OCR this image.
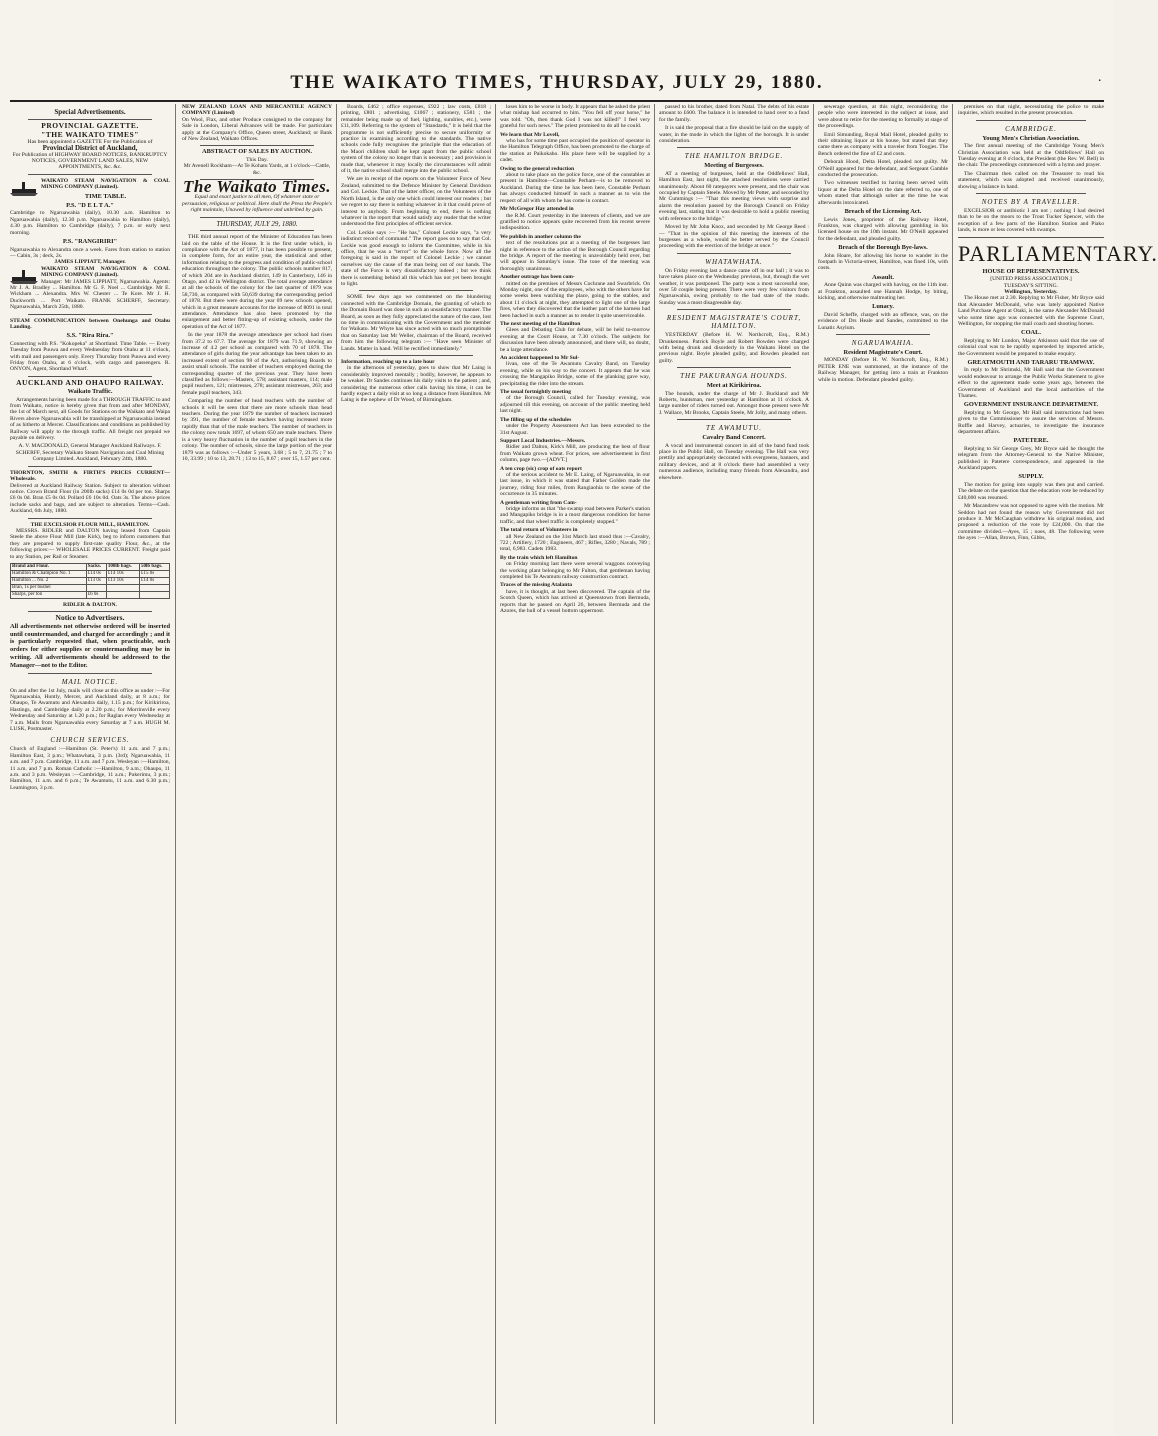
THE WAIKATO TIMES, THURSDAY, JULY 29, 1880.	·
Special Advertisements.
PROVINCIAL GAZETTE.
"THE WAIKATO TIMES"
Has been appointed a GAZETTE For the Publication of
Provincial District of Auckland,
For Publication of HIGHWAY BOARD NOTICES, BANKRUPTCY NOTICES, GOVERNMENT LAND SALES, NEW APPOINTMENTS, &c. &c.
WAIKATO STEAM NAVIGATION & COAL MINING COMPANY (Limited).
TIME TABLE.
P.S. "D E L T A."
Cambridge to Ngaruawahia (daily), 10.30 a.m. Hamilton to Ngaruawahia (daily), 12.30 p.m. Ngaruawahia to Hamilton (daily), 4.30 p.m. Hamilton to Cambridge (daily), 7 p.m. or early next morning.
P.S. "RANGIRIRI"
Ngaruawahia to Alexandra once a week. Fares from station to station — Cabin, 3s ; deck, 2s.
JAMES LIPPIATT, Manager.
WAIKATO STEAM NAVIGATION & COAL MINING COMPANY (Limited).
Manager: Mr JAMES LIPPIATT, Ngaruawahia. Agents: Mr J. A. Bradley ... Hamilton. Mr G. F. Noel ... Cambridge. Mr E. Wickham ... Alexandra. Mrs W. Chester ... Te Kore. Mr J. H. Duckworth ... Port Waikato. FRANK SCHERFF, Secretary. Ngaruawahia, March 25th, 1880.
STEAM COMMUNICATION between Onehunga and Otahu Landing.
S.S. "Rira Rira."
Connecting with P.S. "Kokopeka" at Shortland. Time Table. — Every Tuesday from Puuwa and every Wednesday from Otahu at 11 o'clock, with mail and passengers only. Every Thursday from Puuwa and every Friday from Otahu, at 6 o'clock, with cargo and passengers. R. ONYON, Agent, Shortland Wharf.
AUCKLAND AND OHAUPO RAILWAY.
Waikato Traffic.

Arrangements having been made for a THROUGH TRAFFIC to and from Waikato, notice is hereby given that from and after MONDAY, the 1st of March next, all Goods for Stations on the Waikato and Waipa Rivers above Ngaruawahia will be transhipped at Ngaruawahia instead of as hitherto at Mercer. Classifications and conditions as published by Railway will apply to the through traffic. All freight not prepaid we payable on delivery.

A. V. MACDONALD, General Manager Auckland Railways. F. SCHERFF, Secretary Waikato Steam Navigation and Coal Mining Company Limited. Auckland, February 24th, 1880.
THORNTON, SMITH & FIRTH'S PRICES CURRENT—Wholesale.
Delivered at Auckland Railway Station. Subject to alteration without notice. Crown Brand Flour (in 200lb sacks) £14 0s 0d per ton. Sharps £6 0s 0d. Bran £5 0s 0d. Pollard £6 10s 0d. Oats 3s. The above prices include sacks and bags, and are subject to alteration. Terms—Cash. Auckland, 6th July, 1880.
THE EXCELSIOR FLOUR MILL, HAMILTON.

MESSRS. RIDLER and DALTON having leased from Captain Steele the above Flour Mill (late Kirk), beg to inform customers that they are prepared to supply first-rate quality Flour, &c., at the following prices:— WHOLESALE PRICES CURRENT. Freight paid to any Station, per Rail or Steamer.

Brand and Flour.	Sacks.	100lb bags.	50lb bags.
Hamilton & Champion No. 1	£14 0s	£14 10s	£15 0s
Hamilton ... No. 2	£13 0s	£13 10s	£14 0s
Bran, 1s per bushel			
Sharps, per ton	£6 0s		
RIDLER & DALTON.
Notice to Advertisers.
All advertisements not otherwise ordered will be inserted until countermanded, and charged for accordingly ; and it is particularly requested that, when practicable, such orders for either supplies or countermanding may be in writing. All advertisements should be addressed to the Manager—not to the Editor.
MAIL NOTICE.
On and after the 1st July, mails will close at this office as under :—For Ngaruawahia, Huntly, Mercer, and Auckland daily, at 8 a.m.; for Ohaupo, Te Awamutu and Alexandra daily, 1.15 p.m.; for Kirikiriroa, Hastings, and Cambridge daily at 2.20 p.m.; for Morrinsville every Wednesday and Saturday at 1.20 p.m.; for Raglan every Wednesday at 7 a.m. Mails from Ngaruawahia every Saturday at 7 a.m. HUGH M. LUSK, Postmaster.
CHURCH SERVICES.
Church of England :—Hamilton (St. Peter's) 11 a.m. and 7 p.m.; Hamilton East, 3 p.m.; Whatawhata, 3 p.m. (3rd); Ngaruawahia, 11 a.m. and 7 p.m. Cambridge, 11 a.m. and 7 p.m. Wesleyan :—Hamilton, 11 a.m. and 7 p.m. Roman Catholic :—Hamilton, 9 a.m.; Ohaupo, 11 a.m. and 3 p.m. Wesleyan :—Cambridge, 11 a.m.; Pukerimu, 3 p.m.; Hamilton, 11 a.m. and 6 p.m.; Te Awamutu, 11 a.m. and 6.30 p.m.; Leamington, 3 p.m.
NEW ZEALAND LOAN AND MERCANTILE AGENCY COMPANY (Limited)
On Wool, Flax, and other Produce consigned to the company for Sale in London, Liberal Advances will be made. For particulars apply at the Company's Office, Queen street, Auckland; or Bank of New Zealand, Waikato Offices.
ABSTRACT OF SALES BY AUCTION.
This Day.
Mr Avenell Rockham—At Te Kohatu Yards, at 1 o'clock—Cattle, &c.
The Waikato Times.
Equal and exact justice to all men, Of whatever state or persuasion, religious or political. Here shall the Press the People's right maintain, Unawed by influence and unbribed by gain.
THURSDAY, JULY 29, 1880.

THE third annual report of the Minister of Education has been laid on the table of the House. It is the first under which, in compliance with the Act of 1877, it has been possible to present, in complete form, for an entire year, the statistical and other information relating to the progress and condition of public-school education throughout the colony. The public schools number 817, of which 204 are in Auckland district, 149 in Canterbury, 146 in Otago, and 42 in Wellington district. The total average attendance at all the schools of the colony for the last quarter of 1879 was 58,730, as compared with 50,639 during the corresponding period of 1878. But there were during the year 69 new schools opened, which in a great measure accounts for the increase of 8091 in total attendance. Attendance has also been promoted by the enlargement and better fitting-up of existing schools, under the operation of the Act of 1877.

In the year 1878 the average attendance per school had risen from 37.2 to 67.7. The average for 1879 was 71.9, showing an increase of 4.2 per school as compared with 70 of 1878. The attendance of girls during the year advantage has been taken to an increased extent of section 98 of the Act, authorising Boards to assist small schools. The number of teachers employed during the corresponding quarter of the previous year. They have been classified as follows:—Masters, 578; assistant masters, 114; male pupil teachers, 121; mistresses, 278; assistant mistresses, 263; and female pupil teachers, 343.

Comparing the number of head teachers with the number of schools it will be seen that there are more schools than head teachers. During the year 1879 the number of teachers increased by 391, the number of female teachers having increased more rapidly than that of the male teachers. The number of teachers in the colony now totals 1697, of whom 650 are male teachers. There is a very heavy fluctuation in the number of pupil teachers in the colony. The number of schools, since the large portion of the year 1879 was as follows :—Under 5 years, 3.68 ; 5 to 7, 21.75 ; 7 to 10, 33.99 ; 10 to 13, 28.71 ; 13 to 15, 8.67 ; over 15, 1.57 per cent.

Boards, £462 ; office expenses, £922 ; law costs, £818 ; printing, £801 ; advertising, £1067 ; stationery, £581 ; the remainder being made up of fuel, lighting, sundries, etc.), were £11,109. Referring to the system of "Standards," it is held that the programme is not sufficiently precise to secure uniformity or practice in examining according to the standards. The native schools code fully recognises the principle that the education of the Maori children shall be kept apart from the public school system of the colony no longer than is necessary ; and provision is made that, whenever it may locally the circumstances will admit of it, the native school shall merge into the public school.

We are in receipt of the reports on the Volunteer Force of New Zealand, submitted to the Defence Minister by General Davidson and Col. Leckie. That of the latter officer, on the Volunteers of the North Island, is the only one which could interest our readers ; but we regret to say there is nothing whatever in it that could prove of interest to anybody. From beginning to end, there is nothing whatever in the report that would satisfy any reader that the writer understood the first principles of efficient service.

Col. Leckie says :— "He has," Colonel Leckie says, "a very indistinct record of command." The report goes on to say that Col. Leckie was good enough to inform the Committee, while in his office, that he was a "terror" to the whole force. Now all the foregoing is said in the report of Colonel Leckie ; we cannot ourselves say the cause of the man being out of our hands. The state of the Force is very dissatisfactory indeed ; but we think there is something behind all this which has not yet been brought to light.

SOME few days ago we commented on the blundering connected with the Cambridge Domain, the granting of which to the Domain Board was done in such an unsatisfactory manner. The Board, as soon as they fully appreciated the nature of the case, lost no time in communicating with the Government and the member for Waikato. Mr Whyte has since acted with so much promptitude that on Saturday last Mr Weller, chairman of the Board, received from him the following telegram :— "Have seen Minister of Lands. Matter in hand. Will be rectified immediately."

Information, reaching up to a late hour

in the afternoon of yesterday, goes to show that Mr Laing is considerably improved mentally ; bodily, however, he appears to be weaker. Dr Sandes continues his daily visits to the patient ; and, considering the numerous other calls having his time, it can be hardly expect a daily visit at so long a distance from Hamilton. Mr Laing is the nephew of Dr Wood, of Birmingham.

loses him to be worse in body. It appears that he asked the priest what mishap had occurred to him. "You fell off your horse," he was told. "Oh, then thank God I was not killed!" I feel very grateful for such news." The priest promised to do all he could.

We learn that Mr Lovell,

who has for some time past occupied the position of operator in the Hamilton Telegraph Office, has been promoted to the charge of the station at Paikokaho. His place here will be supplied by a cadet.

Owing to the general reduction

about to take place on the police force, one of the constables at present in Hamilton—Constable Perham—is to be removed to Auckland. During the time he has been here, Constable Perham has always conducted himself in such a manner as to win the respect of all with whom he has come in contact.

Mr McGregor Hay attended in

the R.M. Court yesterday in the interests of clients, and we are gratified to notice appears quite recovered from his recent severe indisposition.

We publish in another column the

text of the resolutions put at a meeting of the burgesses last night in reference to the action of the Borough Council regarding the bridge. A report of the meeting is unavoidably held over, but will appear in Saturday's issue. The tone of the meeting was thoroughly unanimous.

Another outrage has been com-

mitted on the premises of Messrs Cochrane and Swarbrick. On Monday night, one of the employees, who with the others have for some weeks been watching the place, going to the stables, and about 11 o'clock at night, they attempted to light one of the large fires, when they discovered that the leather part of the harness had been hacked in such a manner as to render it quite unserviceable.

The next meeting of the Hamilton

Glees and Debating Club for debate, will be held to-morrow evening at the Court House, at 7.30 o'clock. The subjects for discussion have been already announced, and there will, no doubt, be a large attendance.

An accident happened to Mr Sul-

livan, one of the Te Awamutu Cavalry Band, on Tuesday evening, while on his way to the concert. It appears that he was crossing the Mangapiko Bridge, some of the planking gave way, precipitating the rider into the stream.

The usual fortnightly meeting

of the Borough Council, called for Tuesday evening, was adjourned till this evening, on account of the public meeting held last night.

The filling up of the schedules

under the Property Assessment Act has been extended to the 31st August.

Support Local Industries.—Messrs.

Ridler and Dalton, Kirk's Mill, are producing the best of flour from Waikato grown wheat. For prices, see advertisement in first column, page two.—[ADVT.]

A ten crop (sic) crop of oats report

of the serious accident to Mr E. Laing, of Ngaruawahia, in our last issue, in which it was stated that Father Golden made the journey, riding four miles, from Rangiaohia to the scene of the occurrence in 35 minutes.

A gentleman writing from Cam-

bridge informs us that "the swamp road between Parker's station and Mangapiko bridge is in a most dangerous condition for horse traffic, and that wheel traffic is completely stopped."

The total return of Volunteers in

all New Zealand on the 31st March last stood thus :—Cavalry, 722 ; Artillery, 1720 ; Engineers, 467 ; Rifles, 3280 ; Navals, 789 ; total, 6,983. Cadets 1983.

By the train which left Hamilton

on Friday morning last there were several waggons conveying the working plant belonging to Mr Fulton, that gentleman having completed his Te Awamutu railway construction contract.

Traces of the missing Atalanta

have, it is thought, at last been discovered. The captain of the Scotch Queen, which has arrived at Queenstown from Bermuda, reports that he passed on April 26, between Bermuda and the Azores, the hull of a vessel bottom uppermost.

passed to his brother, dated from Natal. The debts of his estate amount to £600. The balance it is intended to hand over to a fund for the family.

It is said the proposal that a fire should be laid on the supply of water, in the mode in which the lights of the borough. It is under consideration.

THE HAMILTON BRIDGE.
Meeting of Burgesses.

AT a meeting of burgesses, held at the Oddfellows' Hall, Hamilton East, last night, the attached resolutions were carried unanimously. About 60 ratepayers were present, and the chair was occupied by Captain Steele. Moved by Mr Potter, and seconded by Mr Cummings :— "That this meeting views with surprise and alarm the resolution passed by the Borough Council on Friday evening last, stating that it was desirable to hold a public meeting with reference to the bridge."

Moved by Mr John Knox, and seconded by Mr George Reed :— "That in the opinion of this meeting the interests of the burgesses as a whole, would be better served by the Council proceeding with the erection of the bridge at once."

WHATAWHATA.

On Friday evening last a dance came off in our hall ; it was to have taken place on the Wednesday previous, but, through the wet weather, it was postponed. The party was a most successful one, over 50 couple being present. There were very few visitors from Ngaruawahia, owing probably to the bad state of the roads. Sunday was a most disagreeable day.

RESIDENT MAGISTRATE'S COURT, HAMILTON.

YESTERDAY (Before H. W. Northcroft, Esq., R.M.) Drunkenness. Patrick Boyle and Robert Bowden were charged with being drunk and disorderly in the Waikato Hotel on the previous night. Boyle pleaded guilty, and Bowden pleaded not guilty.

THE PAKURANGA HOUNDS.
Meet at Kirikiriroa.

The hounds, under the charge of Mr J. Buckland and Mr Roberts, huntsman, met yesterday at Hamilton at 11 o'clock. A large number of riders turned out. Amongst those present were Mr J. Wallace, Mr Brooks, Captain Steele, Mr Jolly, and many others.

TE AWAMUTU.
Cavalry Band Concert.

A vocal and instrumental concert in aid of the band fund took place in the Public Hall, on Tuesday evening. The Hall was very prettily and appropriately decorated with evergreens, banners, and military devices, and at 8 o'clock there had assembled a very numerous audience, including many friends from Alexandra, and elsewhere.

sewerage question, at this night, reconsidering the people who were interested in the subject at issue, and were about to retire for the meeting to formally at stage of the proceedings.

Emil Simunding, Royal Mail Hotel, pleaded guilty to their obtaining liquor at his house, but stated that they came there as company with a traveler from Toogjes. The Bench ordered the fine of £2 and costs.

Deborah Hood, Delta Hotel, pleaded not guilty. Mr O'Neill appeared for the defendant, and Sergeant Gamble conducted the prosecution.

Two witnesses testified to having been served with liquor at the Delta Hotel on the date referred to, one of whom stated that although sober at the time he was afterwards intoxicated.

Breach of the Licensing Act.

Lewis Jones, proprietor of the Railway Hotel, Frankton, was charged with allowing gambling in his licensed house on the 10th instant. Mr O'Neill appeared for the defendant, and pleaded guilty.

Breach of the Borough Bye-laws.

John Hoare, for allowing his horse to wander in the footpath in Victoria-street, Hamilton, was fined 10s, with costs.

Assault.

Anne Quinn was charged with having, on the 11th inst. at Frankton, assaulted one Hannah Hodge, by biting, kicking, and otherwise maltreating her.

Lunacy.

David Scheffe, charged with an offence, was, on the evidence of Drs Heale and Sandes, committed to the Lunatic Asylum.

NGARUAWAHIA.
Resident Magistrate's Court.

MONDAY (Before H. W. Northcroft, Esq., R.M.) PETER ENE was summoned, at the instance of the Railway Manager, for getting into a train at Frankton while in motion. Defendant pleaded guilty.

premises on that night, necessitating the police to make inquiries, which resulted in the present prosecution.

CAMBRIDGE.
Young Men's Christian Association.

The first annual meeting of the Cambridge Young Men's Christian Association was held at the Oddfellows' Hall on Tuesday evening at 8 o'clock, the President (the Rev. W. Bell) in the chair. The proceedings commenced with a hymn and prayer.

The Chairman then called on the Treasurer to read his statement, which was adopted and received unanimously, showing a balance in hand.

NOTES BY A TRAVELLER.

EXCELSIOR or antibiotic I am not ; nothing I had desired than to be on the moors to the Trout Tucker Spencer, with the exception of a few parts of the Hamilton Station and Piako lands, is more or less covered with swamps.

PARLIAMENTARY.
HOUSE OF REPRESENTATIVES.
[UNITED PRESS ASSOCIATION.]
TUESDAY'S SITTING.
Wellington, Yesterday.

The House met at 2.30. Replying to Mr Fisher, Mr Bryce said that Alexander McDonald, who was lately appointed Native Land Purchase Agent at Otaki, is the same Alexander McDonald who some time ago was connected with the Supreme Court, Wellington, for stopping the mail coach and shooting horses.

COAL.

Replying to Mr Lundon, Major Atkinson said that the use of colonial coal was to be rapidly superseded by imported article, the Government would be prepared to make enquiry.

GREATMOUTH AND TARARU TRAMWAY.

In reply to Mr Shrimski, Mr Hall said that the Government would endeavour to arrange the Public Works Statement to give effect to the agreement made some years ago, between the Government of Auckland and the local authorities of the Thames.

GOVERNMENT INSURANCE DEPARTMENT.

Replying to Mr George, Mr Hall said instructions had been given to the Commissioner to assure the services of Messrs. Ruffle and Harvey, actuaries, to investigate the insurance department affairs.

PATETERE.

Replying to Sir George Grey, Mr Bryce said he thought the telegram from the Attorney-General to the Native Minister, published in Patetere correspondence, and appeared in the Auckland papers.

SUPPLY.

The motion for going into supply was then put and carried. The debate on the question that the education vote be reduced by £40,000 was resumed.

Mr Macandrew was not opposed to agree with the motion. Mr Seddon had not found the reason why Government did not produce it. Mr McCaughan withdrew his original motion, and proposed a reduction of the vote by £24,000. On that the committee divided.—Ayes, 15 ; noes, 48. The following were the ayes :—Allan, Brown, Finn, Gibbs,
